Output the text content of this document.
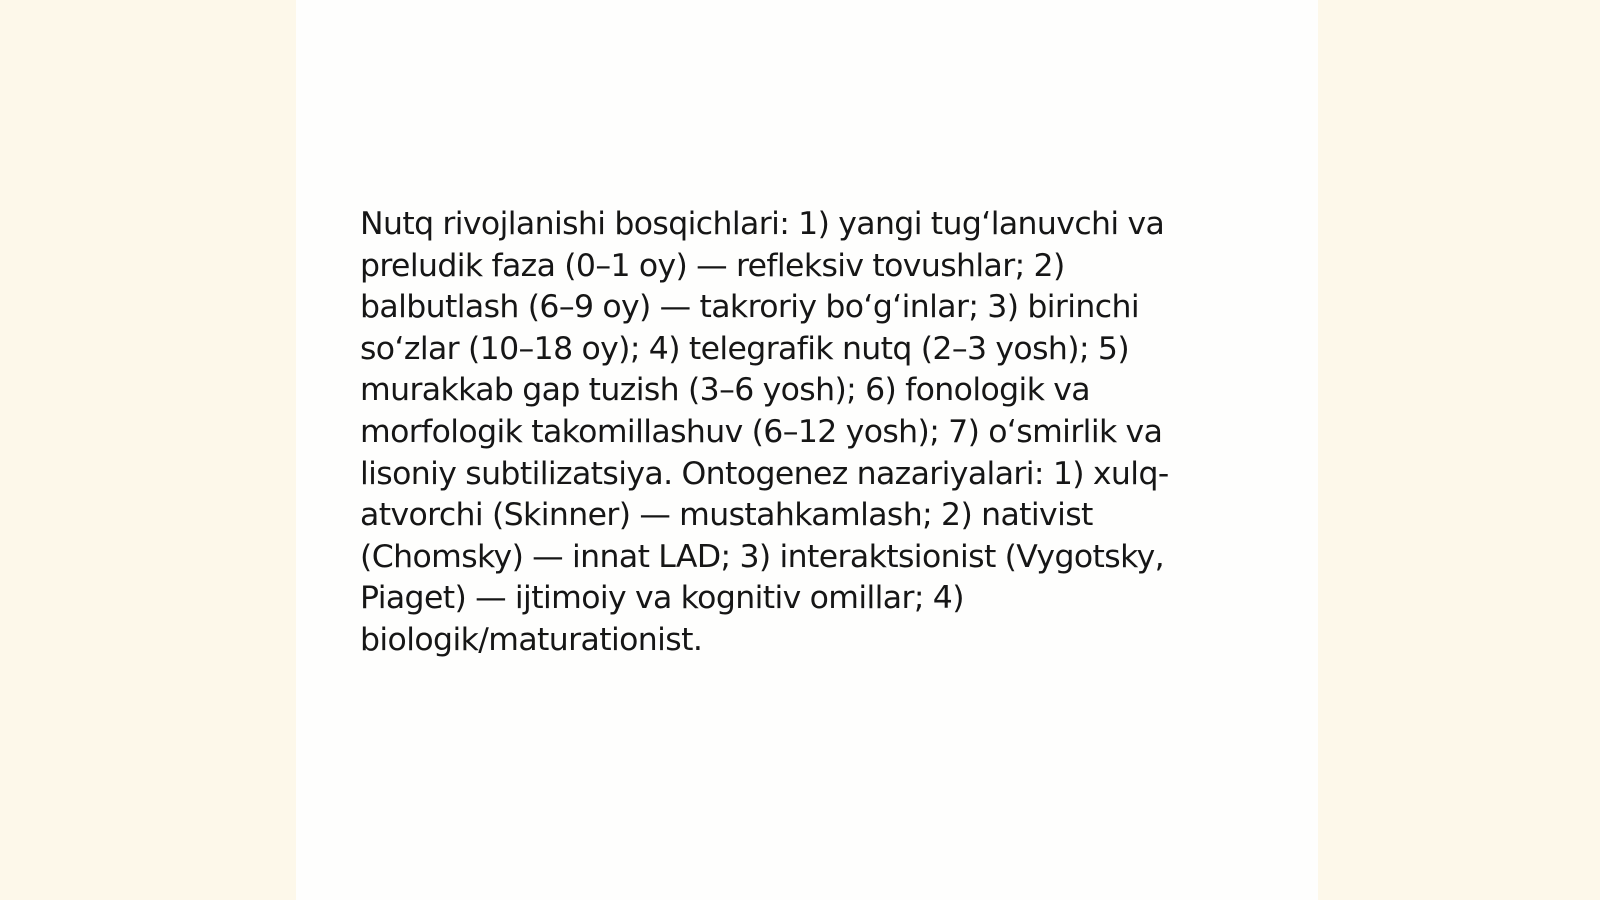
Nutq rivojlanishi bosqichlari: 1) yangi tugʻlanuvchi va preludik faza (0–1 oy) — refleksiv tovushlar; 2) balbutlash (6–9 oy) — takroriy boʻgʻinlar; 3) birinchi soʻzlar (10–18 oy); 4) telegrafik nutq (2–3 yosh); 5) murakkab gap tuzish (3–6 yosh); 6) fonologik va morfologik takomillashuv (6–12 yosh); 7) oʻsmirlik va lisoniy subtilizatsiya. Ontogenez nazariyalari: 1) xulq-atvorchi (Skinner) — mustahkamlash; 2) nativist (Chomsky) — innat LAD; 3) interaktsionist (Vygotsky, Piaget) — ijtimoiy va kognitiv omillar; 4) biologik/maturationist.
